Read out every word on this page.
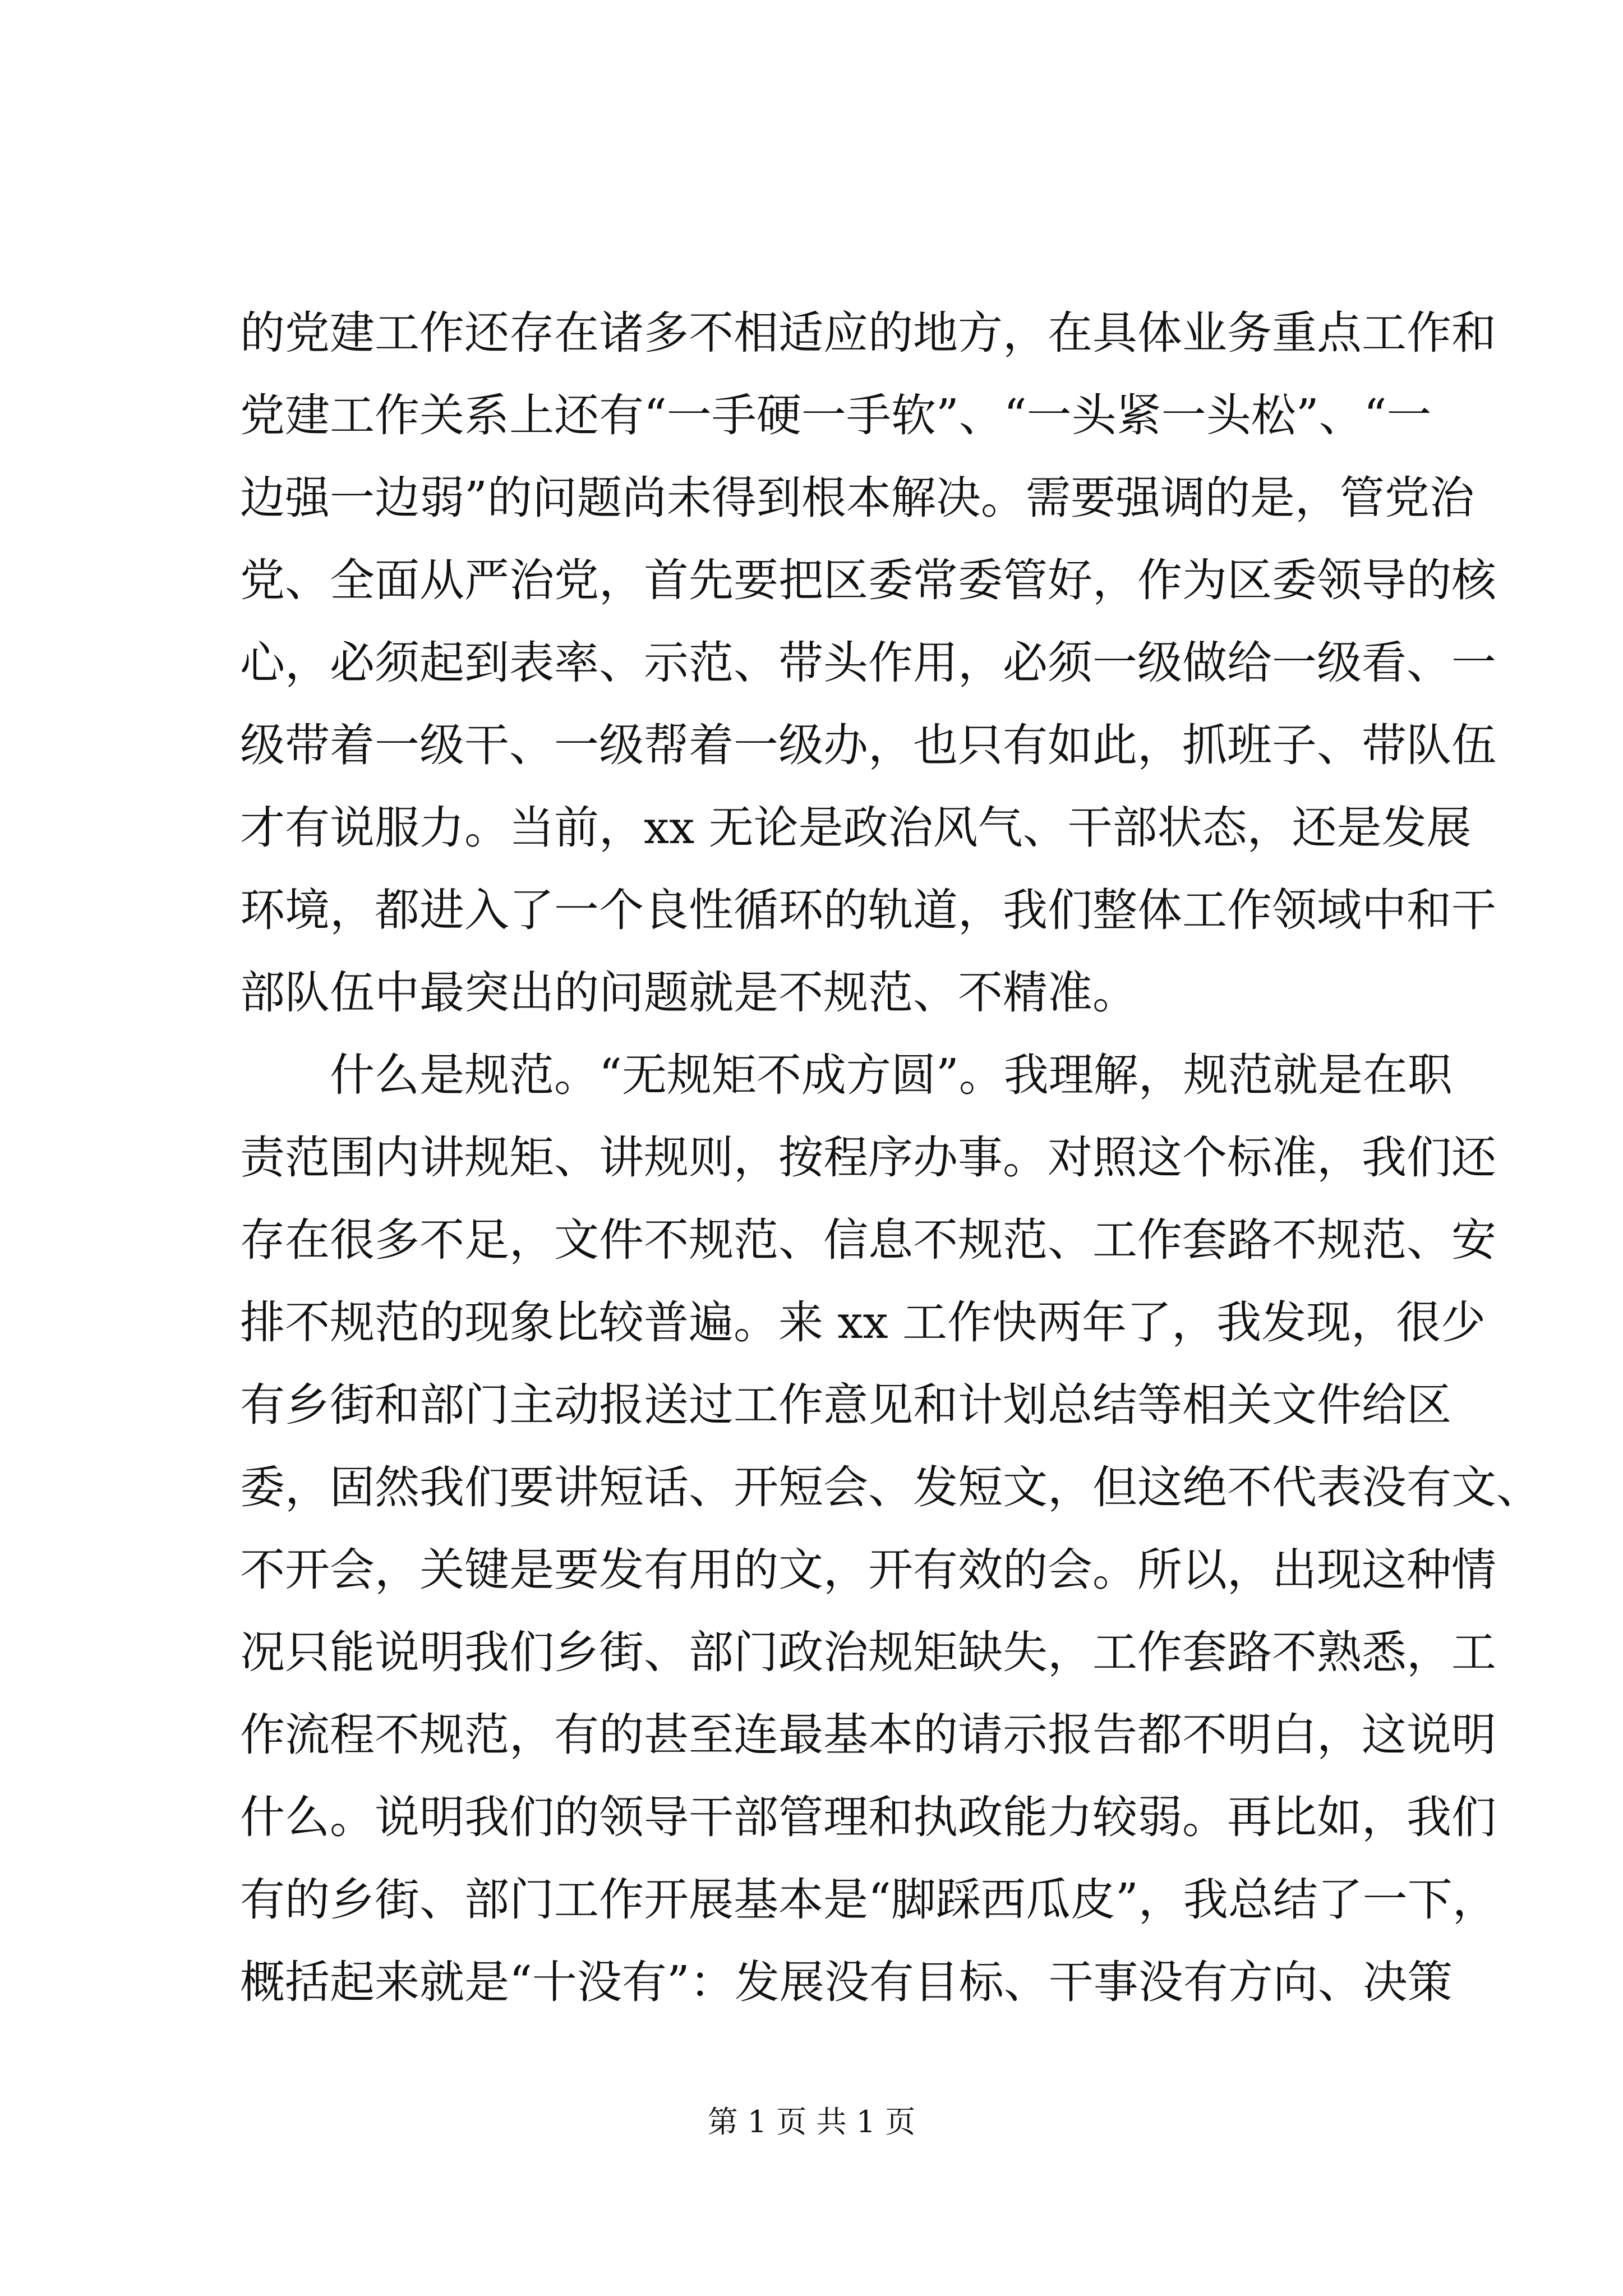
的党建工作还存在诸多不相适应的地方，在具体业务重点工作和
党建工作关系上还有“一手硬一手软”、“一头紧一头松”、“一
边强一边弱”的问题尚未得到根本解决。需要强调的是，管党治
党、全面从严治党，首先要把区委常委管好，作为区委领导的核
心，必须起到表率、示范、带头作用，必须一级做给一级看、一
级带着一级干、一级帮着一级办，也只有如此，抓班子、带队伍
才有说服力。当前，xx 无论是政治风气、干部状态，还是发展
环境，都进入了一个良性循环的轨道，我们整体工作领域中和干
部队伍中最突出的问题就是不规范、不精准。
什么是规范。“无规矩不成方圆”。我理解，规范就是在职
责范围内讲规矩、讲规则，按程序办事。对照这个标准，我们还
存在很多不足，文件不规范、信息不规范、工作套路不规范、安
排不规范的现象比较普遍。来 xx 工作快两年了，我发现，很少
有乡街和部门主动报送过工作意见和计划总结等相关文件给区
委，固然我们要讲短话、开短会、发短文，但这绝不代表没有文、
不开会，关键是要发有用的文，开有效的会。所以，出现这种情
况只能说明我们乡街、部门政治规矩缺失，工作套路不熟悉，工
作流程不规范，有的甚至连最基本的请示报告都不明白，这说明
什么。说明我们的领导干部管理和执政能力较弱。再比如，我们
有的乡街、部门工作开展基本是“脚踩西瓜皮”，我总结了一下，
概括起来就是“十没有”：发展没有目标、干事没有方向、决策
第 1 页 共 1 页
